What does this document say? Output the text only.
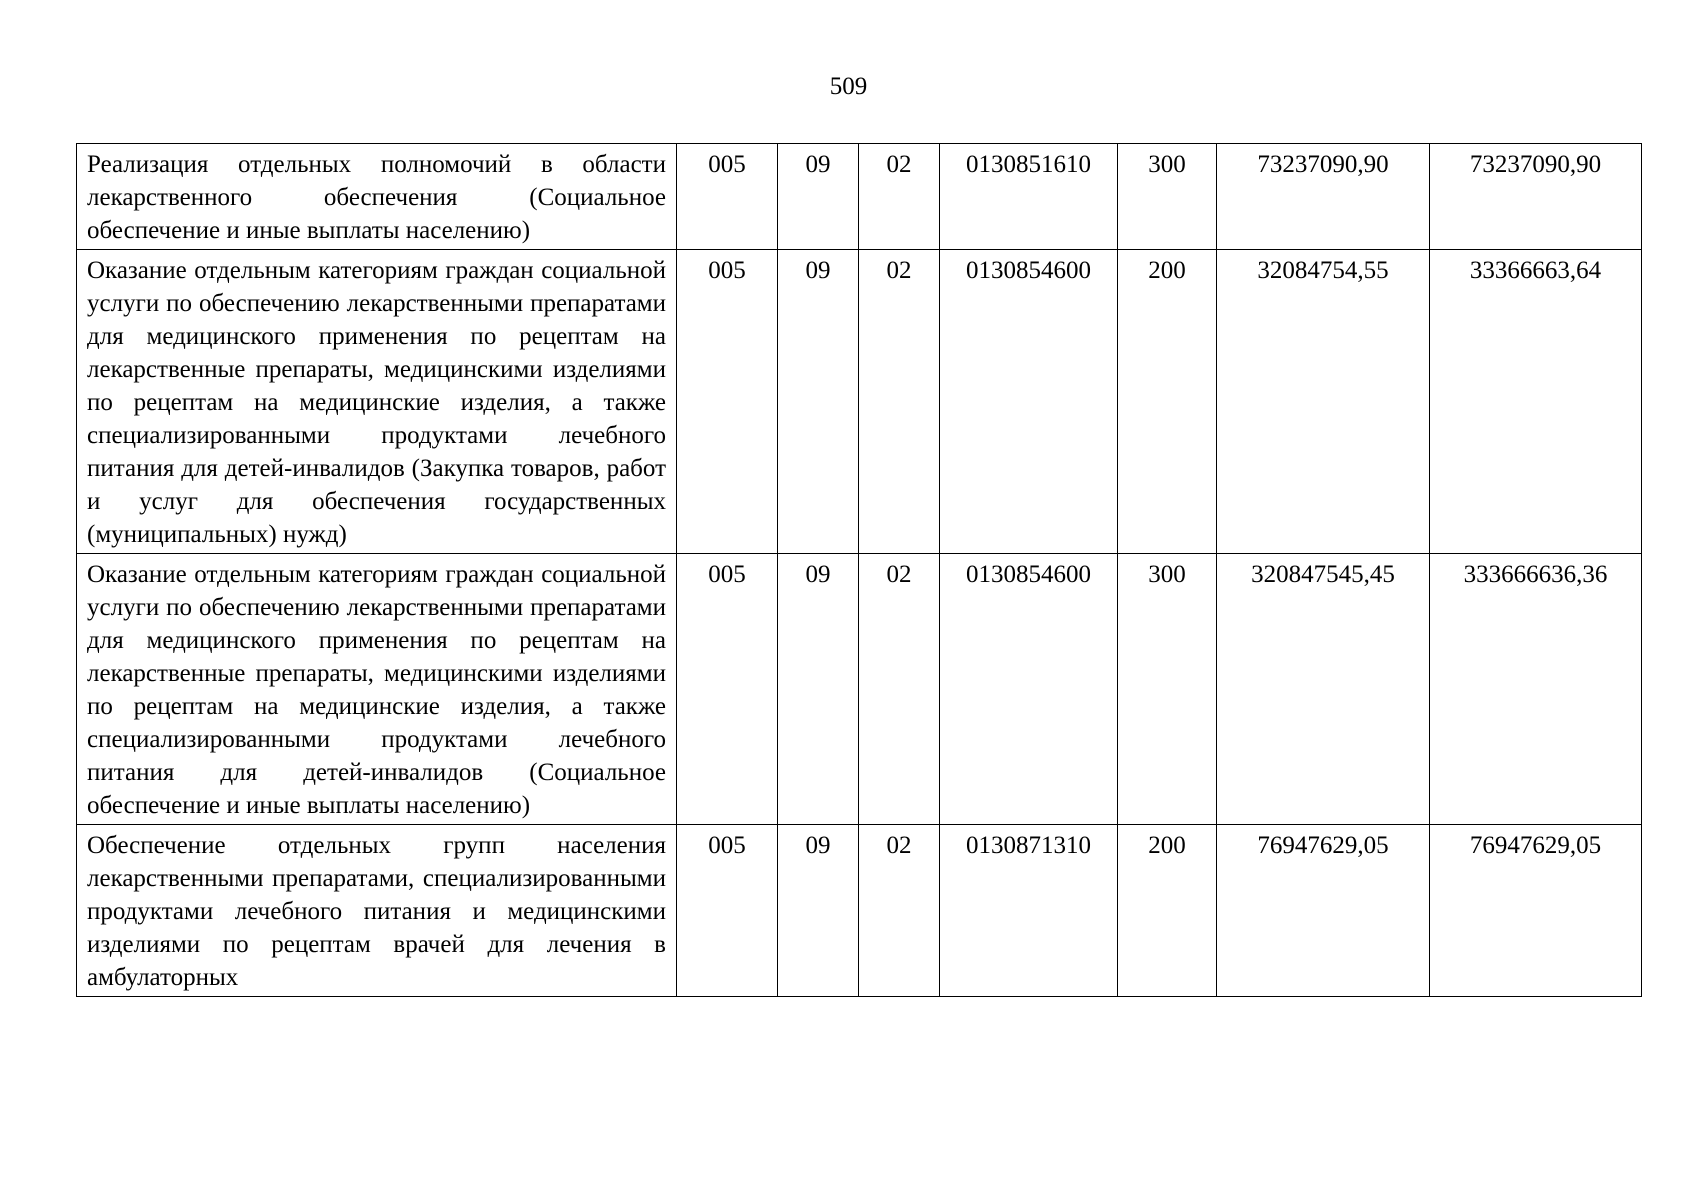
509
Реализация отдельных полномочий в области лекарственного обеспечения (Социальное обеспечение и иные выплаты населению)	005	09	02	0130851610	300	73237090,90	73237090,90
Оказание отдельным категориям граждан социальной услуги по обеспечению лекарственными препаратами для медицинского применения по рецептам на лекарственные препараты, медицинскими изделиями по рецептам на медицинские изделия, а также специализированными продуктами лечебного питания для детей-инвалидов (Закупка товаров, работ и услуг для обеспечения государственных (муниципальных) нужд)	005	09	02	0130854600	200	32084754,55	33366663,64
Оказание отдельным категориям граждан социальной услуги по обеспечению лекарственными препаратами для медицинского применения по рецептам на лекарственные препараты, медицинскими изделиями по рецептам на медицинские изделия, а также специализированными продуктами лечебного питания для детей-инвалидов (Социальное обеспечение и иные выплаты населению)	005	09	02	0130854600	300	320847545,45	333666636,36
Обеспечение отдельных групп населения лекарственными препаратами, специализированными продуктами лечебного питания и медицинскими изделиями по рецептам врачей для лечения в амбулаторных	005	09	02	0130871310	200	76947629,05	76947629,05
